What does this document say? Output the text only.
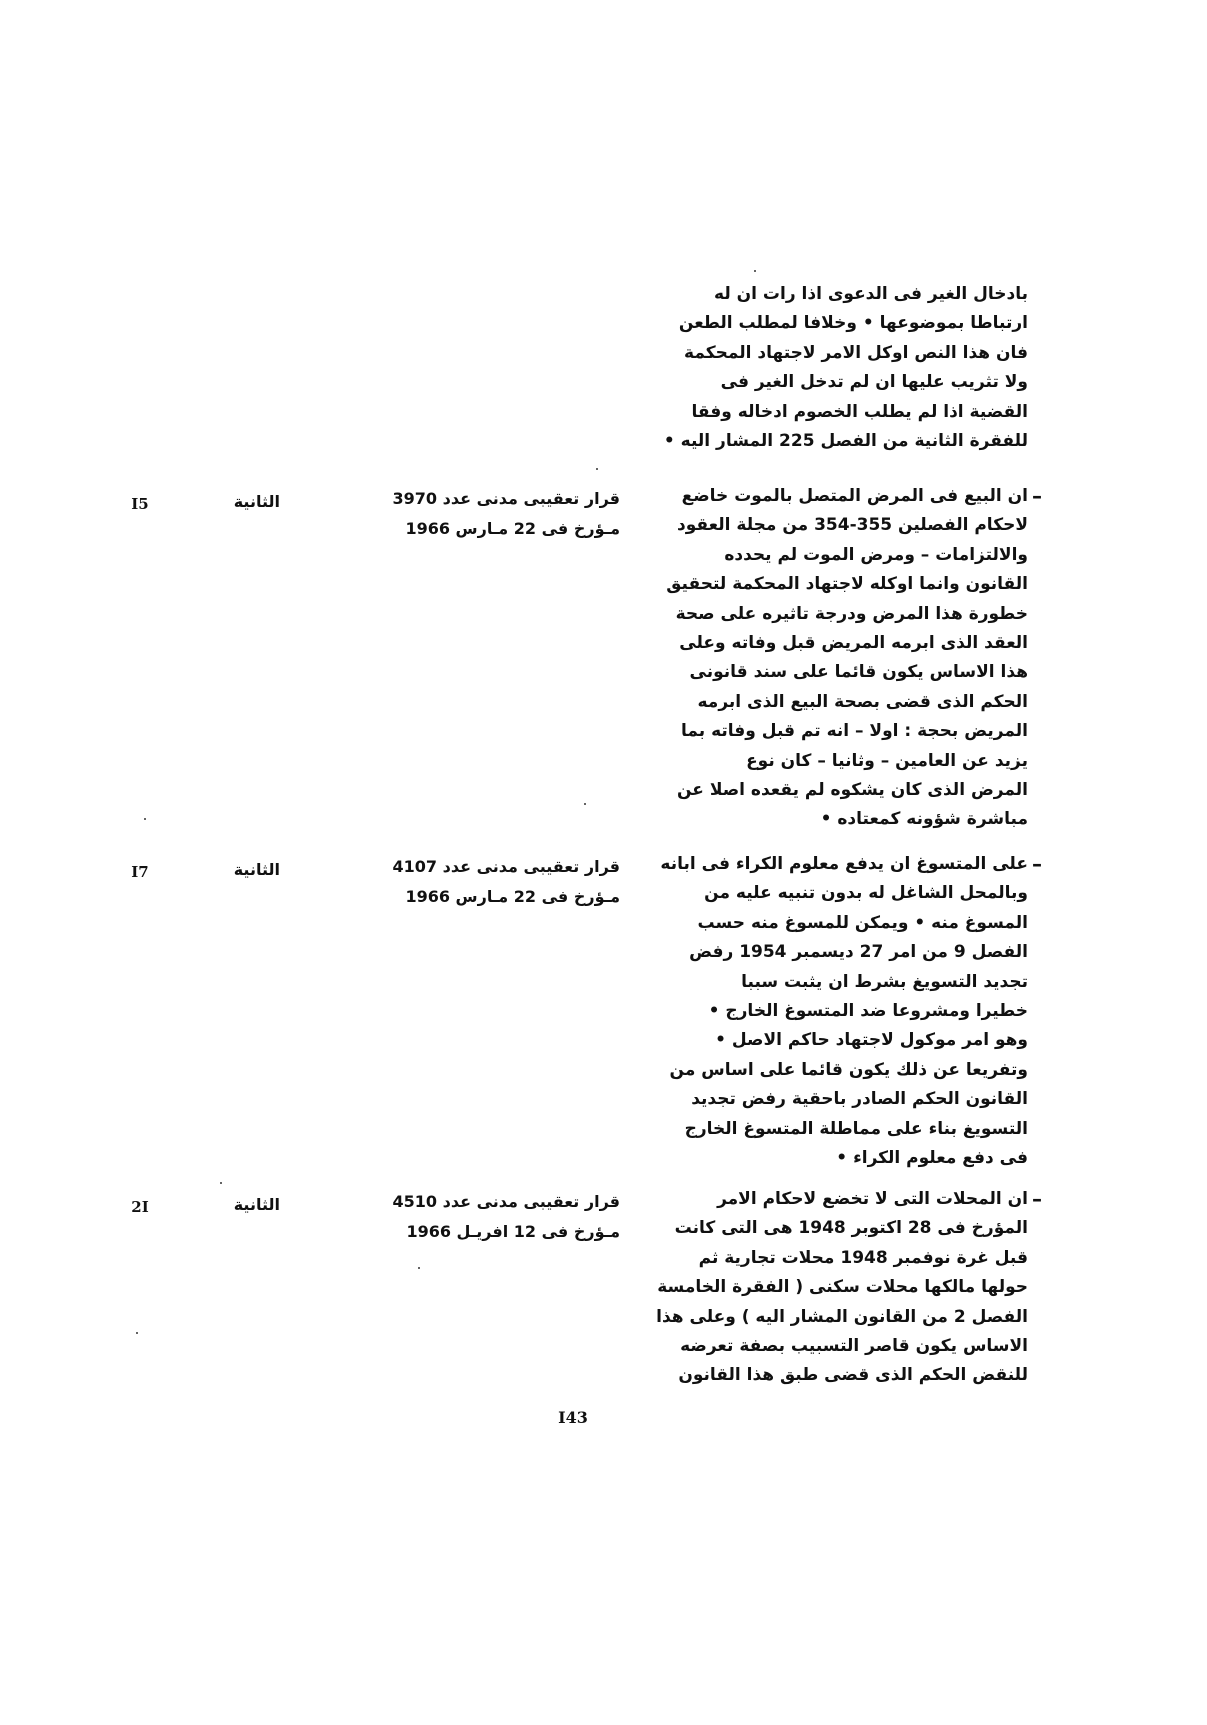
بادخال الغير فى الدعوى اذا رات ان له
ارتباطا بموضوعها • وخلافا لمطلب الطعن
فان هذا النص اوكل الامر لاجتهاد المحكمة
ولا تثريب عليها ان لم تدخل الغير فى
القضية اذا لم يطلب الخصوم ادخاله وفقا
للفقرة الثانية من الفصل 225 المشار اليه •
–
ان البيع فى المرض المتصل بالموت خاضع
لاحكام الفصلين 355-354 من مجلة العقود
والالتزامات – ومرض الموت لم يحدده
القانون وانما اوكله لاجتهاد المحكمة لتحقيق
خطورة هذا المرض ودرجة تاثيره على صحة
العقد الذى ابرمه المريض قبل وفاته وعلى
هذا الاساس يكون قائما على سند قانونى
الحكم الذى قضى بصحة البيع الذى ابرمه
المريض بحجة : اولا – انه تم قبل وفاته بما
يزيد عن العامين – وثانيا – كان نوع
المرض الذى كان يشكوه لم يقعده اصلا عن
مباشرة شؤونه كمعتاده •
قرار تعقيبى مدنى عدد 3970
مـؤرخ فى 22 مـارس 1966
الثانية
I5
–
على المتسوغ ان يدفع معلوم الكراء فى ابانه
وبالمحل الشاغل له بدون تنبيه عليه من
المسوغ منه • ويمكن للمسوغ منه حسب
الفصل 9 من امر 27 ديسمبر 1954 رفض
تجديد التسويغ بشرط ان يثبت سببا
خطيرا ومشروعا ضد المتسوغ الخارج •
وهو امر موكول لاجتهاد حاكم الاصل •
وتفريعا عن ذلك يكون قائما على اساس من
القانون الحكم الصادر باحقية رفض تجديد
التسويغ بناء على مماطلة المتسوغ الخارج
فى دفع معلوم الكراء •
قرار تعقيبى مدنى عدد 4107
مـؤرخ فى 22 مـارس 1966
الثانية
I7
–
ان المحلات التى لا تخضع لاحكام الامر
المؤرخ فى 28 اكتوبر 1948 هى التى كانت
قبل غرة نوفمبر 1948 محلات تجارية ثم
حولها مالكها محلات سكنى ( الفقرة الخامسة
الفصل 2 من القانون المشار اليه ) وعلى هذا
الاساس يكون قاصر التسبيب بصفة تعرضه
للنقض الحكم الذى قضى طبق هذا القانون
قرار تعقيبى مدنى عدد 4510
مـؤرخ فى 12 افريـل 1966
الثانية
2I
I43
